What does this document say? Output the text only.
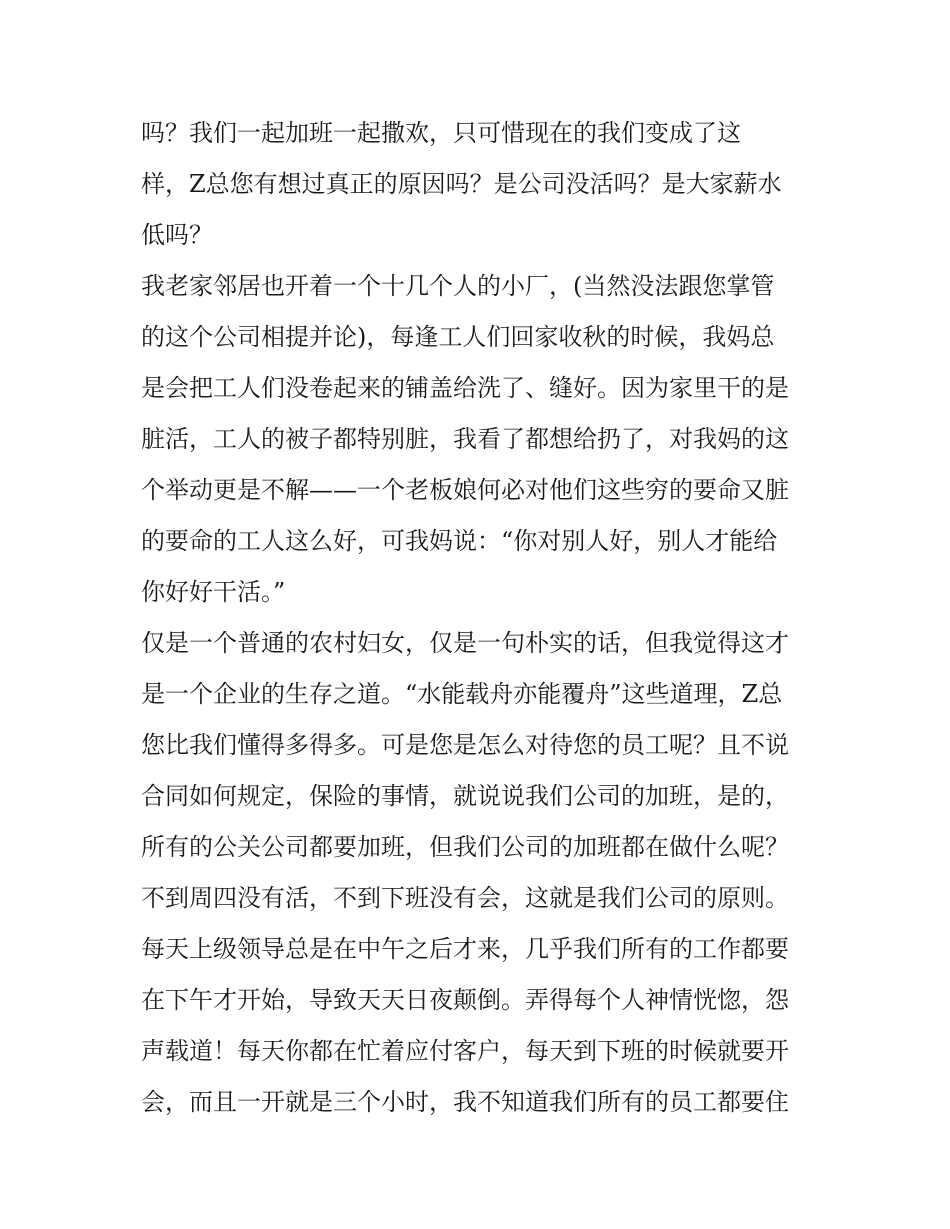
吗？我们一起加班一起撒欢，只可惜现在的我们变成了这
样，Z总您有想过真正的原因吗？是公司没活吗？是大家薪水
低吗？
我老家邻居也开着一个十几个人的小厂，(当然没法跟您掌管
的这个公司相提并论)，每逢工人们回家收秋的时候，我妈总
是会把工人们没卷起来的铺盖给洗了、缝好。因为家里干的是
脏活，工人的被子都特别脏，我看了都想给扔了，对我妈的这
个举动更是不解——一个老板娘何必对他们这些穷的要命又脏
的要命的工人这么好，可我妈说：“你对别人好，别人才能给
你好好干活。”
仅是一个普通的农村妇女，仅是一句朴实的话，但我觉得这才
是一个企业的生存之道。“水能载舟亦能覆舟”这些道理，Z总
您比我们懂得多得多。可是您是怎么对待您的员工呢？且不说
合同如何规定，保险的事情，就说说我们公司的加班，是的，
所有的公关公司都要加班，但我们公司的加班都在做什么呢？
不到周四没有活，不到下班没有会，这就是我们公司的原则。
每天上级领导总是在中午之后才来，几乎我们所有的工作都要
在下午才开始，导致天天日夜颠倒。弄得每个人神情恍惚，怨
声载道！每天你都在忙着应付客户，每天到下班的时候就要开
会，而且一开就是三个小时，我不知道我们所有的员工都要住
